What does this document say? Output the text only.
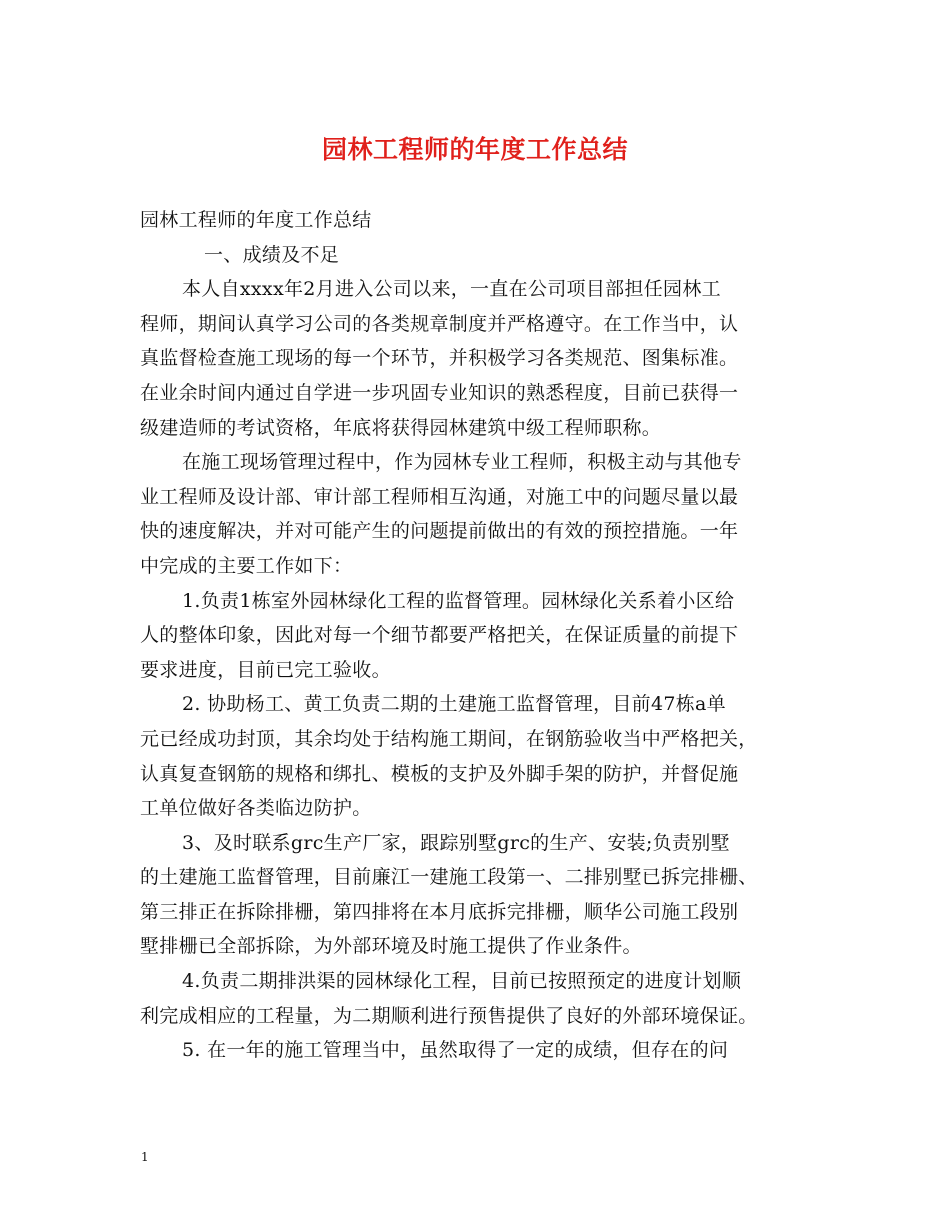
园林工程师的年度工作总结

园林工程师的年度工作总结

一、成绩及不足

本人自xxxx年2月进入公司以来，一直在公司项目部担任园林工

程师，期间认真学习公司的各类规章制度并严格遵守。在工作当中，认

真监督检查施工现场的每一个环节，并积极学习各类规范、图集标准。

在业余时间内通过自学进一步巩固专业知识的熟悉程度，目前已获得一

级建造师的考试资格，年底将获得园林建筑中级工程师职称。

在施工现场管理过程中，作为园林专业工程师，积极主动与其他专

业工程师及设计部、审计部工程师相互沟通，对施工中的问题尽量以最

快的速度解决，并对可能产生的问题提前做出的有效的预控措施。一年

中完成的主要工作如下：

1.负责1栋室外园林绿化工程的监督管理。园林绿化关系着小区给

人的整体印象，因此对每一个细节都要严格把关，在保证质量的前提下

要求进度，目前已完工验收。

2. 协助杨工、黄工负责二期的土建施工监督管理，目前47栋a单

元已经成功封顶，其余均处于结构施工期间，在钢筋验收当中严格把关，

认真复查钢筋的规格和绑扎、模板的支护及外脚手架的防护，并督促施

工单位做好各类临边防护。

3、及时联系grc生产厂家，跟踪别墅grc的生产、安装;负责别墅

的土建施工监督管理，目前廉江一建施工段第一、二排别墅已拆完排栅、

第三排正在拆除排栅，第四排将在本月底拆完排栅，顺华公司施工段别

墅排栅已全部拆除，为外部环境及时施工提供了作业条件。

4.负责二期排洪渠的园林绿化工程，目前已按照预定的进度计划顺

利完成相应的工程量，为二期顺利进行预售提供了良好的外部环境保证。

5. 在一年的施工管理当中，虽然取得了一定的成绩，但存在的问

1
